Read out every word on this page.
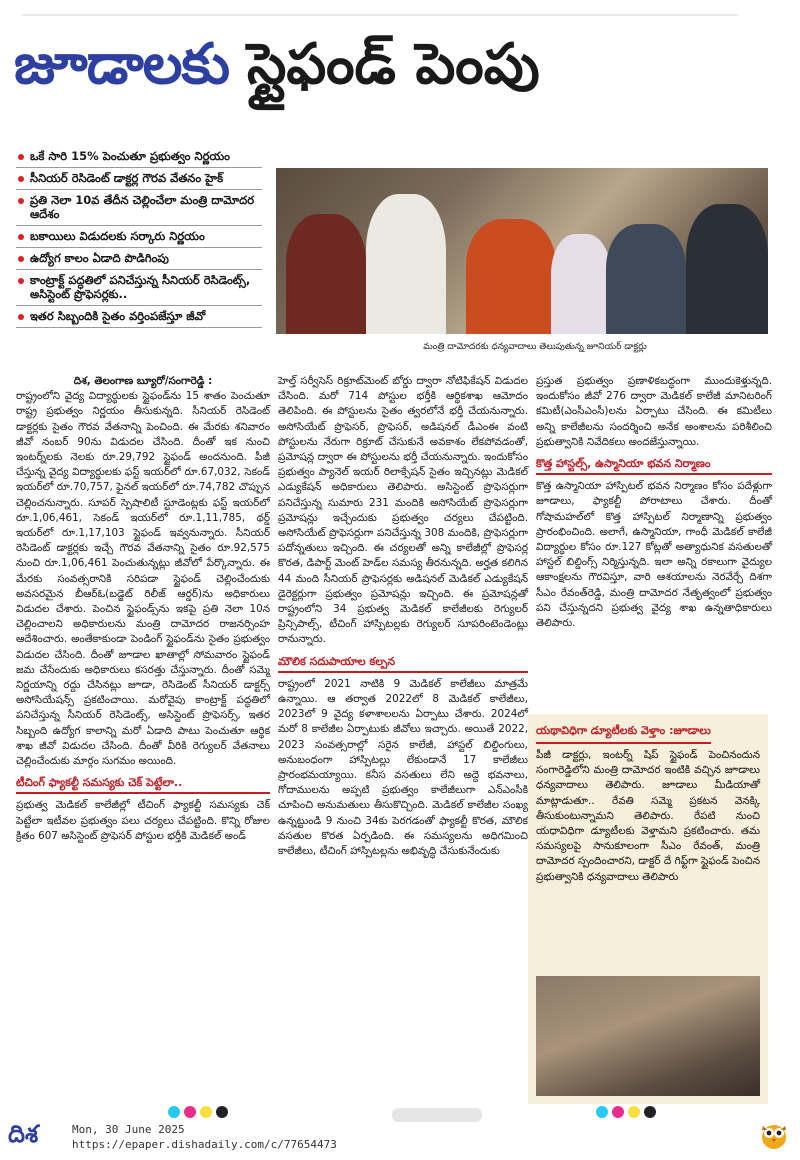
జూడాలకు స్టైఫండ్ పెంపు
ఒకే సారి 15% పెంచుతూ ప్రభుత్వం నిర్ణయం
సీనియర్ రెసిడెంట్ డాక్టర్ల గౌరవ వేతనం హైక్
ప్రతి నెలా 10వ తేదీన చెల్లించేలా మంత్రి దామోదర ఆదేశం
బకాయిలు విడుదలకు సర్కారు నిర్ణయం
ఉద్యోగ కాలం ఏడాది పొడిగింపు
కాంట్రాక్ట్ పద్ధతిలో పనిచేస్తున్న సీనియర్ రెసిడెంట్స్, అసిస్టెంట్ ప్రొఫెసర్లకు..
ఇతర సిబ్బందికి సైతం వర్తింపజేస్తూ జీవో
మంత్రి దామోదరకు ధన్యవాదాలు తెలుపుతున్న జూనియర్ డాక్టర్లు
దిశ, తెలంగాణ బ్యూరో/సంగారెడ్డి :

రాష్ట్రంలోని వైద్య విద్యార్థులకు స్టైఫండ్‌ను 15 శాతం పెంచుతూ రాష్ట్ర ప్రభుత్వం నిర్ణయం తీసుకున్నది. సీనియర్ రెసిడెంట్ డాక్టర్లకు సైతం గౌరవ వేతనాన్ని పెంచింది. ఈ మేరకు శనివారం జీవో నంబర్ 90ను విడుదల చేసింది. దీంతో ఇక నుంచి ఇంటర్న్‌లకు నెలకు రూ.29,792 స్టైఫండ్ అందనుంది. పీజీ చేస్తున్న వైద్య విద్యార్థులకు ఫస్ట్ ఇయర్‌లో రూ.67,032, సెకండ్ ఇయర్‌లో రూ.70,757, ఫైనల్ ఇయర్‌లో రూ.74,782 చొప్పున చెల్లించనున్నారు. సూపర్ స్పెషాలిటీ స్టూడెంట్లకు ఫస్ట్ ఇయర్‌లో రూ.1,06,461, సెకండ్ ఇయర్‌లో రూ.1,11,785, థర్డ్ ఇయర్‌లో రూ.1,17,103 స్టైఫండ్ ఇవ్వనున్నారు. సీనియర్ రెసిడెంట్ డాక్టర్లకు ఇచ్చే గౌరవ వేతనాన్ని సైతం రూ.92,575 నుంచి రూ.1,06,461 పెంచుతున్నట్లు జీవోలో పేర్కొన్నారు. ఈ మేరకు సంవత్సరానికి సరిపడా స్టైఫండ్ చెల్లించేందుకు అవసరమైన బీఆర్‌ఓ(బడ్జెట్ రిలీజ్ ఆర్డర్)ను అధికారులు విడుదల చేశారు. పెంచిన స్టైఫండ్స్‌ను ఇకపై ప్రతి నెలా 10న చెల్లించాలని అధికారులను మంత్రి దామోదర రాజనర్సింహ ఆదేశించారు. అంతేకాకుండా పెండింగ్ స్టైఫండ్‌ను సైతం ప్రభుత్వం విడుదల చేసింది. దీంతో జూడాల ఖాతాల్లో సోమవారం స్టైఫండ్ జమ చేసేందుకు అధికారులు కసరత్తు చేస్తున్నారు. దీంతో సమ్మె నిర్ణయాన్ని రద్దు చేసినట్లు జూడా, రెసిడెంట్ సీనియర్ డాక్టర్స్ అసోసియేషన్స్ ప్రకటించాయి. మరోవైపు కాంట్రాక్ట్ పద్ధతిలో పనిచేస్తున్న సీనియర్ రెసిడెంట్స్, అసిస్టెంట్ ప్రొఫెసర్స్, ఇతర సిబ్బంది ఉద్యోగ కాలాన్ని మరో ఏడాది పాటు పెంచుతూ ఆర్థిక శాఖ జీవో విడుదల చేసింది. దీంతో వీరికి రెగ్యులర్ వేతనాలు చెల్లించేందుకు మార్గం సుగమం అయింది.

టీచింగ్ ఫ్యాకల్టీ సమస్యకు చెక్ పెట్టేలా..

ప్రభుత్వ మెడికల్ కాలేజీల్లో టీచింగ్ ఫ్యాకల్టీ సమస్యకు చెక్ పెట్టేలా ఇటీవల ప్రభుత్వం పలు చర్యలు చేపట్టింది. కొన్ని రోజుల క్రితం 607 అసిస్టెంట్ ప్రొఫెసర్ పోస్టుల భర్తీకి మెడికల్ అండ్

హెల్త్ సర్వీసెస్ రిక్రూట్‌మెంట్ బోర్డు ద్వారా నోటిఫికేషన్ విడుదల చేసింది. మరో 714 పోస్టుల భర్తీకి ఆర్థికశాఖ ఆమోదం తెలిపింది. ఈ పోస్టులను సైతం త్వరలోనే భర్తీ చేయనున్నారు. అసోసియేట్ ప్రొఫెసర్, ప్రొఫెసర్, అడిషనల్ డీఎంఈ వంటి పోస్టులను నేరుగా రిక్రూట్ చేసుకునే అవకాశం లేకపోవడంతో, ప్రమోషన్ల ద్వారా ఈ పోస్టులను భర్తీ చేయనున్నారు. ఇందుకోసం ప్రభుత్వం ప్యానెల్ ఇయర్ రిలాక్సేషన్ సైతం ఇచ్చినట్లు మెడికల్ ఎడ్యుకేషన్ అధికారులు తెలిపారు. అసిస్టెంట్ ప్రొఫెసర్లుగా పనిచేస్తున్న సుమారు 231 మందికి అసోసియేట్ ప్రొఫెసర్లుగా ప్రమోషన్లు ఇచ్చేందుకు ప్రభుత్వం చర్యలు చేపట్టింది. అసోసియేట్ ప్రొఫెసర్లుగా పనిచేస్తున్న 308 మందికి, ప్రొఫెసర్లుగా పదోన్నతులు ఇచ్చింది. ఈ చర్యలతో అన్ని కాలేజీల్లో ప్రొఫెసర్ల కొరత, డిపార్ట్ మెంట్ హెడ్‌ల సమస్య తీరనున్నది. అర్హత కలిగిన 44 మంది సీనియర్ ప్రొఫెసర్లకు అడిషనల్ మెడికల్ ఎడ్యుకేషన్ డైరెక్టర్లుగా ప్రభుత్వం ప్రమోషన్లు ఇచ్చింది. ఈ ప్రమోషన్లతో రాష్ట్రంలోని 34 ప్రభుత్వ మెడికల్ కాలేజీలకు రెగ్యులర్ ప్రిన్సిపాల్స్, టీచింగ్ హాస్పిటల్లకు రెగ్యులర్ సూపరింటెండెంట్లు రానున్నారు.

మౌలిక సదుపాయాల కల్పన

రాష్ట్రంలో 2021 నాటికి 9 మెడికల్ కాలేజీలు మాత్రమే ఉన్నాయి. ఆ తర్వాత 2022లో 8 మెడికల్ కాలేజీలు, 2023లో 9 వైద్య కళాశాలలను ఏర్పాటు చేశారు. 2024లో మరో 8 కాలేజీల ఏర్పాటుకు జీవోలు ఇచ్చారు. అయితే 2022, 2023 సంవత్సరాల్లో సరైన కాలేజీ, హాస్టల్ బిల్డింగులు, అనుబంధంగా హాస్పిటల్లు లేకుండానే 17 కాలేజీలు ప్రారంభమయ్యాయి. కనీస వసతులు లేని అద్దె భవనాలు, గోదాములను అప్పటి ప్రభుత్వం కాలేజీలుగా ఎన్‌ఎంసీకి చూపించి అనుమతులు తీసుకొచ్చింది. మెడికల్ కాలేజీల సంఖ్య ఉన్నట్టుండి 9 నుంచి 34కు పెరగడంతో ఫ్యాకల్టీ కొరత, మౌలిక వసతుల కొరత ఏర్పడింది. ఈ సమస్యలను అధిగమించి కాలేజీలు, టీచింగ్ హాస్పిటల్లను అభివృద్ధి చేసుకునేందుకు

ప్రస్తుత ప్రభుత్వం ప్రణాళికబద్ధంగా ముందుకెళ్తున్నది. ఇందుకోసం జీవో 276 ద్వారా మెడికల్ కాలేజీ మానిటరింగ్ కమిటీ(ఎంసీఎంసీ)లను ఏర్పాటు చేసింది. ఈ కమిటీలు అన్ని కాలేజీలను సందర్శించి అనేక అంశాలను పరిశీలించి ప్రభుత్వానికి నివేదికలు అందజేస్తున్నాయి.

కొత్త హాస్టల్స్, ఉస్మానియా భవన నిర్మాణం

కొత్త ఉస్మానియా హాస్పిటల్ భవన నిర్మాణం కోసం పదేళ్లుగా జూడాలు, ఫ్యాకల్టీ పోరాటాలు చేశారు. దీంతో గోషామహల్‌లో కొత్త హాస్పిటల్ నిర్మాణాన్ని ప్రభుత్వం ప్రారంభించింది. అలాగే, ఉస్మానియా, గాంధీ మెడికల్ కాలేజీ విద్యార్థుల కోసం రూ.127 కోట్లతో అత్యాధునిక వసతులతో హాస్టల్ బిల్డింగ్స్ నిర్మిస్తున్నది. ఇలా అన్ని రకాలుగా వైద్యుల ఆకాంక్షలను గౌరవిస్తూ, వారి ఆశయాలను నెరవేర్చే దిశగా సీఎం రేవంత్‌రెడ్డి, మంత్రి దామోదర నేతృత్వంలో ప్రభుత్వం పని చేస్తున్నదని ప్రభుత్వ వైద్య శాఖ ఉన్నతాధికారులు తెలిపారు.

యథావిధిగా డ్యూటీలకు వెళ్తాం :జూడాలు
పీజీ డాక్టర్లు, ఇంటర్న్ షిప్ స్టైఫండ్ పెంచినందున సంగారెడ్డిలోని మంత్రి దామోదర ఇంటికి వచ్చిన జూడాలు ధన్యవాదాలు తెలిపారు. జూడాలు మీడియాతో మాట్లాడుతూ.. రేవతి సమ్మె ప్రకటన వెనక్కి తీసుకుంటున్నామని తెలిపారు. రేపటి నుంచి యధావిధిగా డ్యూటీలకు వెళ్తామని ప్రకటించారు. తమ సమస్యలపై సానుకూలంగా సీఎం రేవంత్, మంత్రి దామోదర స్పందించారని, డాక్టర్ దే గిఫ్ట్‌గా స్టైఫండ్ పెంచిన ప్రభుత్వానికి ధన్యవాదాలు తెలిపారు
దిశ	Mon, 30 June 2025
https://epaper.dishadaily.com/c/77654473
